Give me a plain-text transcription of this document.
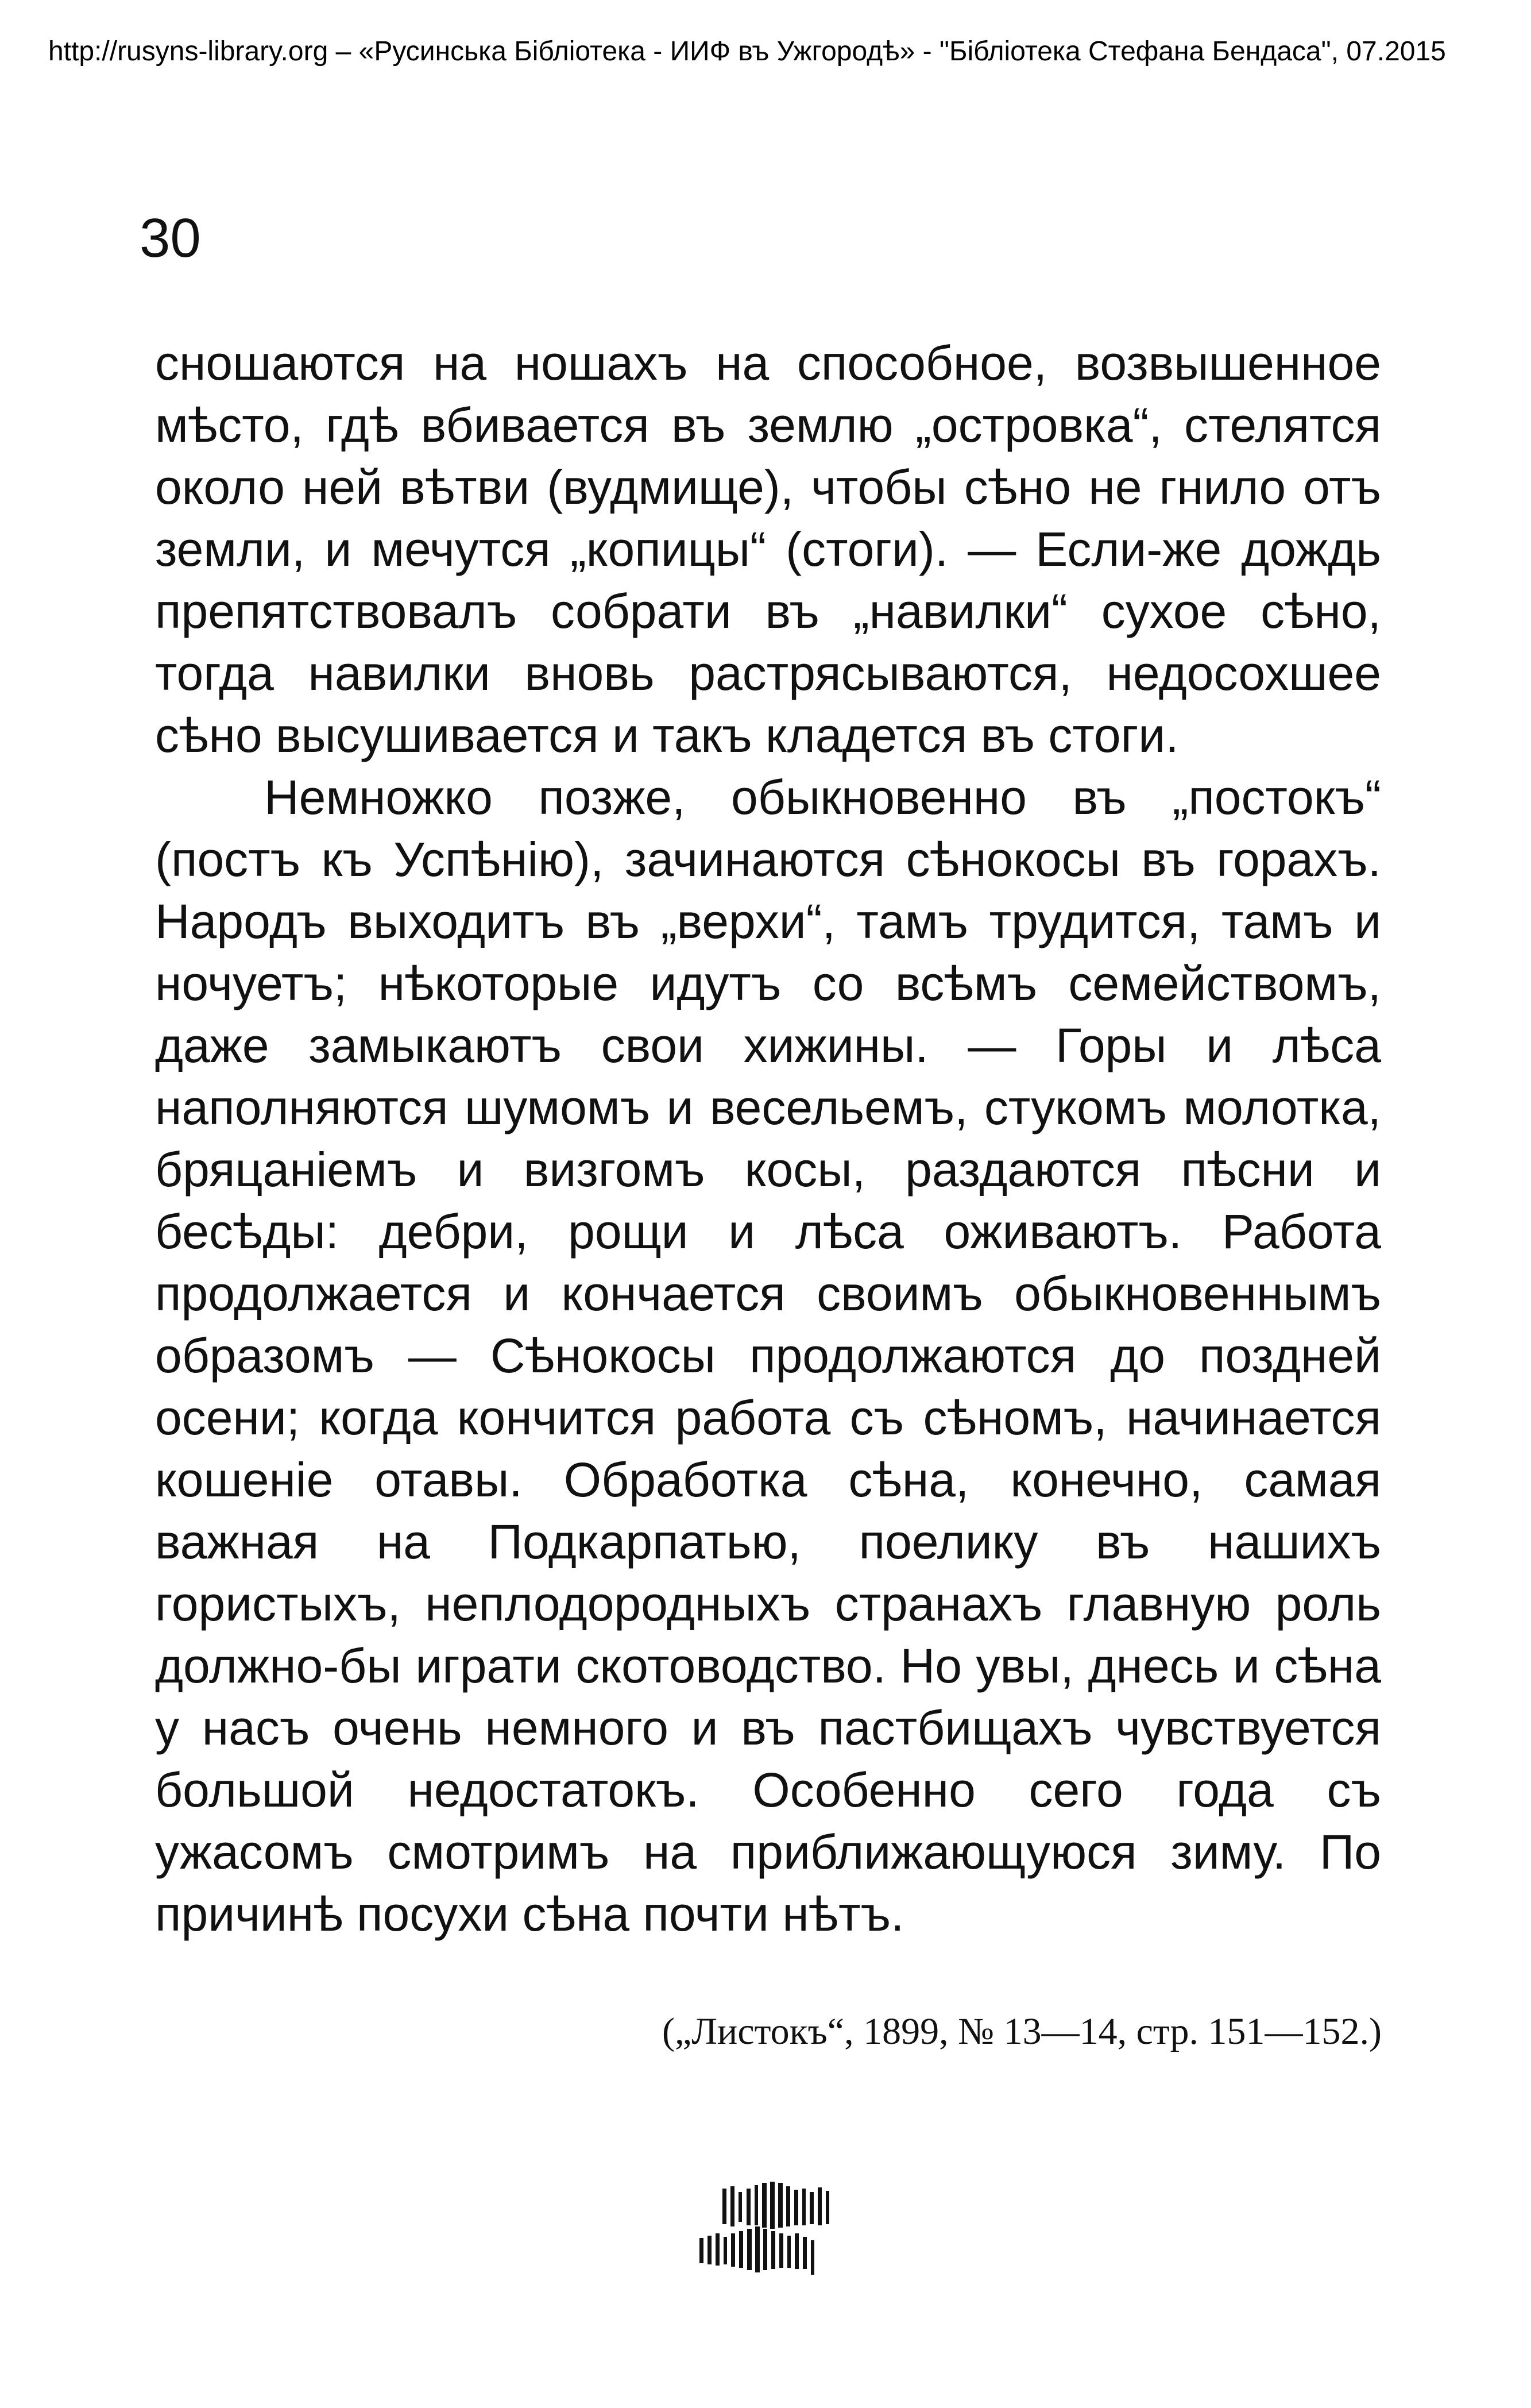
http://rusyns-library.org – «Русинська Бiблiотека - ИИФ въ Ужгородѣ» - "Бiблiотека Стефана Бендаса", 07.2015
30

сношаются на ношахъ на способное, возвышенное мѣсто, гдѣ вбивается въ землю „островка“, стелятся около ней вѣтви (вудмище), чтобы сѣно не гнило отъ земли, и мечутся „копицы“ (стоги). — Если-же дождь препятствовалъ собрати въ „навилки“ сухое сѣно, тогда навилки вновь растрясываются, недосохшее сѣно высушивается и такъ кладется въ стоги.

Немножко позже, обыкновенно въ „постокъ“ (постъ къ Успѣнiю), зачинаются сѣнокосы въ горахъ. Народъ выходитъ въ „верхи“, тамъ трудится, тамъ и ночуетъ; нѣкоторые идутъ со всѣмъ семействомъ, даже замыкаютъ свои хижины. — Горы и лѣса наполняются шумомъ и весельемъ, стукомъ молотка, бряцанiемъ и визгомъ косы, раздаются пѣсни и бесѣды: дебри, рощи и лѣса оживаютъ. Работа продолжается и кончается своимъ обыкновеннымъ образомъ — Сѣнокосы продолжаются до поздней осени; когда кончится работа съ сѣномъ, начинается кошенiе отавы. Обработка сѣна, конечно, самая важная на Подкарпатью, поелику въ нашихъ гористыхъ, неплодородныхъ странахъ главную роль должно-бы играти скотоводство. Но увы, днесь и сѣна у насъ очень немного и въ пастбищахъ чувствуется большой недостатокъ. Особенно сего года съ ужасомъ смотримъ на приближающуюся зиму. По причинѣ посухи сѣна почти нѣтъ.

(„Листокъ“, 1899, № 13—14, стр. 151—152.)
